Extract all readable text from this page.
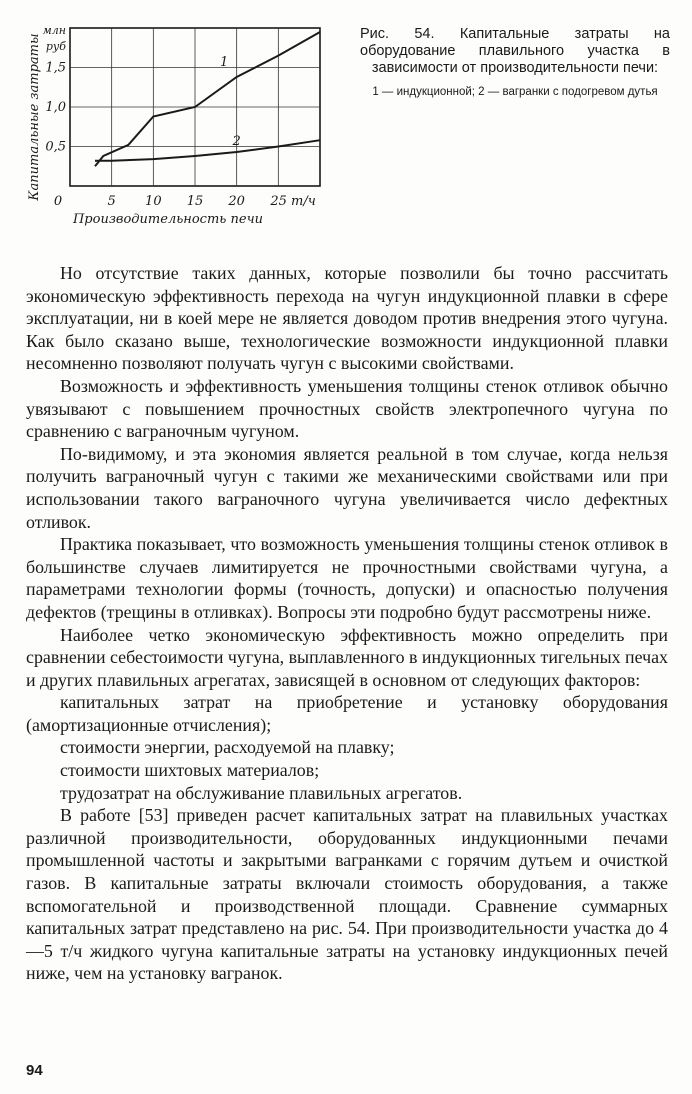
1
2
1,5
1,0
0,5
млн
руб
0	5 10 15 20 25 т/ч
Производительность печи
Капитальные затраты	Рис. 54. Капитальные затраты на оборудование плавильного участка в зависимости от производительности печи:
1 — индукционной; 2 — вагранки с подогревом дутья

Но отсутствие таких данных, которые позволили бы точно рассчитать экономическую эффективность перехода на чугун индукционной плавки в сфере эксплуатации, ни в коей мере не является доводом против внедрения этого чугуна. Как было сказано выше, технологические возможности индукционной плавки несомненно позволяют получать чугун с высокими свойствами.

Возможность и эффективность уменьшения толщины стенок отливок обычно увязывают с повышением прочностных свойств электропечного чугуна по сравнению с ваграночным чугуном.

По-видимому, и эта экономия является реальной в том случае, когда нельзя получить ваграночный чугун с такими же механическими свойствами или при использовании такого ваграночного чугуна увеличивается число дефектных отливок.

Практика показывает, что возможность уменьшения толщины стенок отливок в большинстве случаев лимитируется не прочностными свойствами чугуна, а параметрами технологии формы (точность, допуски) и опасностью получения дефектов (трещины в отливках). Вопросы эти подробно будут рассмотрены ниже.

Наиболее четко экономическую эффективность можно определить при сравнении себестоимости чугуна, выплавленного в индукционных тигельных печах и других плавильных агрегатах, зависящей в основном от следующих факторов:

капитальных затрат на приобретение и установку оборудования (амортизационные отчисления);

стоимости энергии, расходуемой на плавку;

стоимости шихтовых материалов;

трудозатрат на обслуживание плавильных агрегатов.

В работе [53] приведен расчет капитальных затрат на плавильных участках различной производительности, оборудованных индукционными печами промышленной частоты и закрытыми вагранками с горячим дутьем и очисткой газов. В капитальные затраты включали стоимость оборудования, а также вспомогательной и производственной площади. Сравнение суммарных капитальных затрат представлено на рис. 54. При производительности участка до 4—5 т/ч жидкого чугуна капитальные затраты на установку индукционных печей ниже, чем на установку вагранок.

94
